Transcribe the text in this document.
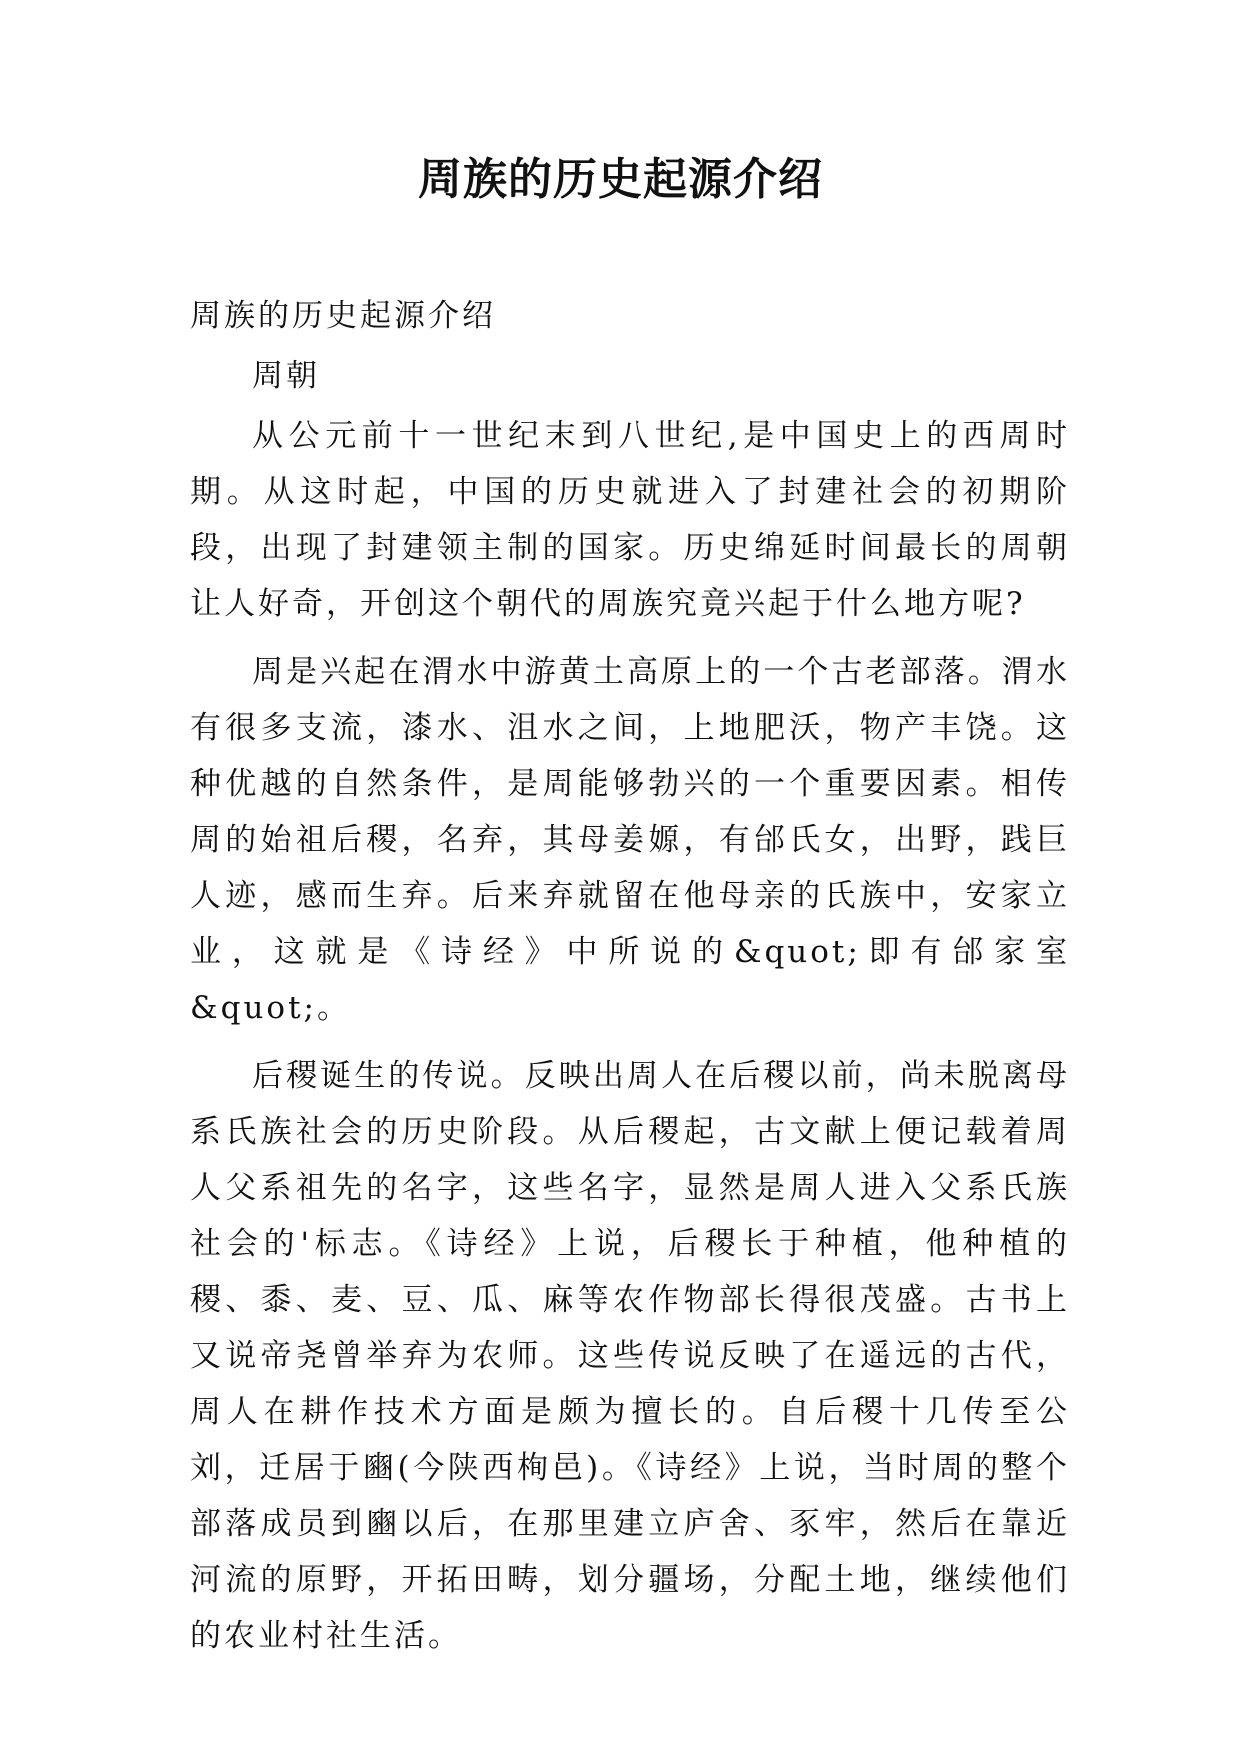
周族的历史起源介绍

周族的历史起源介绍

周朝

从公元前十一世纪末到八世纪,是中国史上的西周时期。从这时起，中国的历史就进入了封建社会的初期阶段，出现了封建领主制的国家。历史绵延时间最长的周朝让人好奇，开创这个朝代的周族究竟兴起于什么地方呢?

周是兴起在渭水中游黄土高原上的一个古老部落。渭水有很多支流，漆水、沮水之间，上地肥沃，物产丰饶。这种优越的自然条件，是周能够勃兴的一个重要因素。相传周的始祖后稷，名弃，其母姜嫄，有邰氏女，出野，践巨人迹，感而生弃。后来弃就留在他母亲的氏族中，安家立业，这就是《诗经》中所说的&quot;即有邰家室&quot;。

后稷诞生的传说。反映出周人在后稷以前，尚未脱离母系氏族社会的历史阶段。从后稷起，古文献上便记载着周人父系祖先的名字，这些名字，显然是周人进入父系氏族社会的'标志。《诗经》上说，后稷长于种植，他种植的稷、黍、麦、豆、瓜、麻等农作物部长得很茂盛。古书上又说帝尧曾举弃为农师。这些传说反映了在遥远的古代，周人在耕作技术方面是颇为擅长的。自后稷十几传至公刘，迁居于豳(今陕西栒邑)。《诗经》上说，当时周的整个部落成员到豳以后，在那里建立庐舍、豕牢，然后在靠近河流的原野，开拓田畴，划分疆场，分配土地，继续他们的农业村社生活。
